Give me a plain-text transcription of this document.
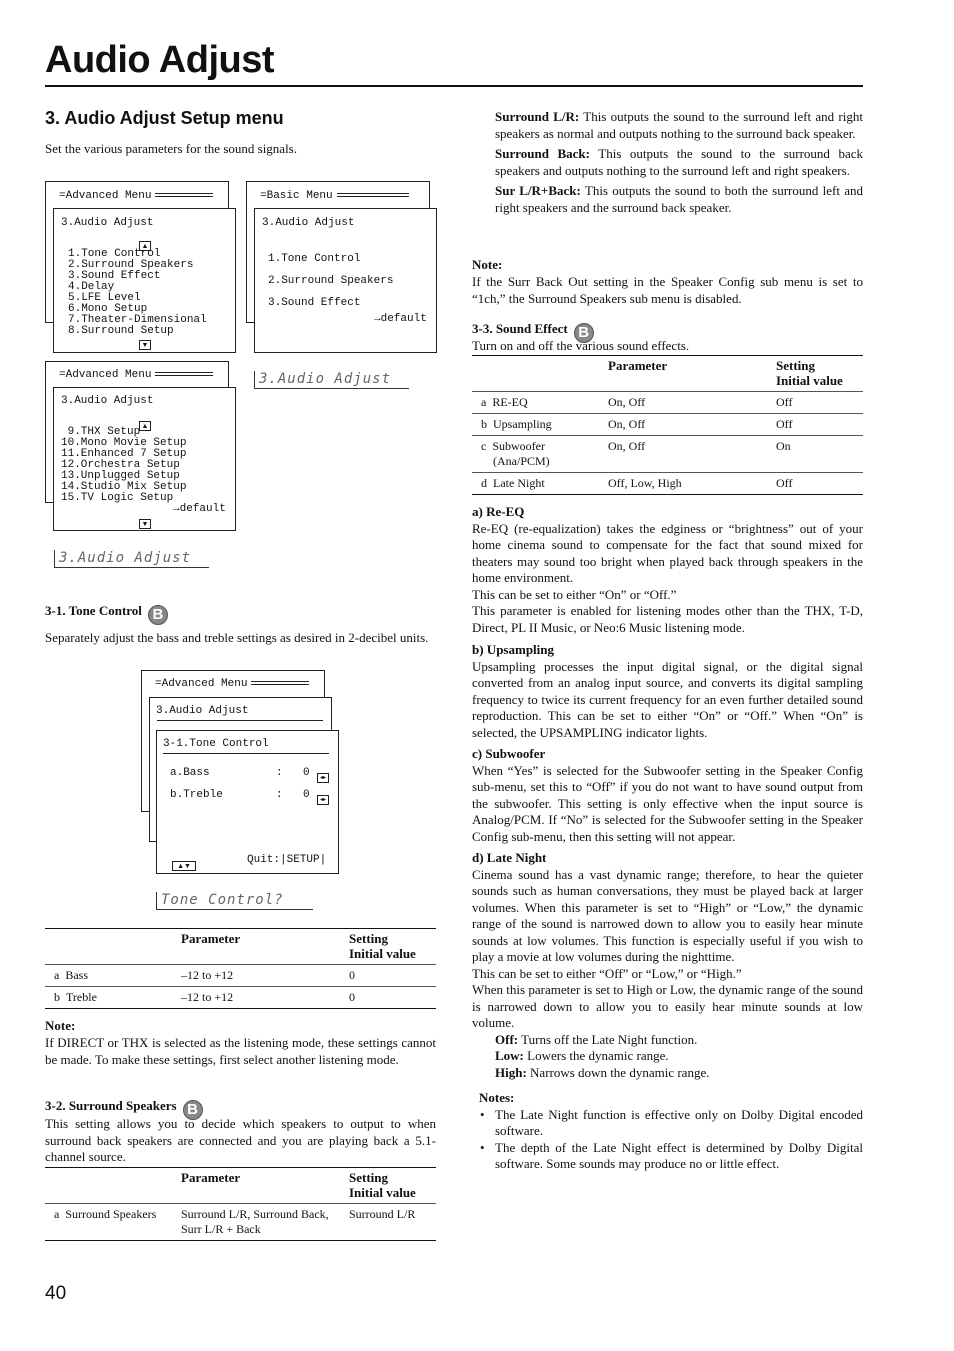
Audio Adjust
3. Audio Adjust Setup menu

Set the various parameters for the sound signals.

=Advanced Menu
3.Audio Adjust
▲
1.Tone Control
2.Surround Speakers
3.Sound Effect
4.Delay
5.LFE Level
6.Mono Setup
7.Theater-Dimensional
8.Surround Setup
▼
=Basic Menu
3.Audio Adjust
1.Tone Control
2.Surround Speakers
3.Sound Effect
→default
=Advanced Menu
3.Audio Adjust
▲
9.THX Setup
10.Mono Movie Setup
11.Enhanced 7 Setup
12.Orchestra Setup
13.Unplugged Setup
14.Studio Mix Setup
15.TV Logic Setup
→default
▼
3.Audio Adjust
3.Audio Adjust
3-1. Tone Control B

Separately adjust the bass and treble settings as desired in 2-decibel units.

=Advanced Menu
3.Audio Adjust
3-1.Tone Control
a.Bass	: 0	◂▸
b.Treble	: 0	◂▸
▲▼	Quit:|SETUP|
Tone Control?
	Parameter	Setting
Initial value
a Bass	–12 to +12	0
b Treble	–12 to +12	0

Note:

If DIRECT or THX is selected as the listening mode, these settings cannot be made. To make these settings, first select another listening mode.

3-2. Surround Speakers B

This setting allows you to decide which speakers to output to when surround back speakers are connected and you are playing back a 5.1-channel source.

	Parameter	Setting
Initial value
a Surround Speakers	Surround L/R, Surround Back,
Surr L/R + Back	Surround L/R
40

Surround L/R: This outputs the sound to the surround left and right speakers as normal and outputs nothing to the surround back speaker.

Surround Back: This outputs the sound to the surround back speakers and outputs nothing to the surround left and right speakers.

Sur L/R+Back: This outputs the sound to both the surround left and right speakers and the surround back speaker.

Note:

If the Surr Back Out setting in the Speaker Config sub menu is set to “1ch,” the Surround Speakers sub menu is disabled.

3-3. Sound Effect B

Turn on and off the various sound effects.

	Parameter	Setting
Initial value
a RE-EQ	On, Off	Off
b Upsampling	On, Off	Off
c Subwoofer
(Ana/PCM)	On, Off	On
d Late Night	Off, Low, High	Off

a) Re-EQ

Re-EQ (re-equalization) takes the edginess or “brightness” out of your home cinema sound to compensate for the fact that sound mixed for theaters may sound too bright when played back through speakers in the home environment.

This can be set to either “On” or “Off.”

This parameter is enabled for listening modes other than the THX, T-D, Direct, PL II Music, or Neo:6 Music listening mode.

b) Upsampling

Upsampling processes the input digital signal, or the digital signal converted from an analog input source, and converts its digital sampling frequency to twice its current frequency for an even further detailed sound reproduction. This can be set to either “On” or “Off.” When “On” is selected, the UPSAMPLING indicator lights.

c) Subwoofer

When “Yes” is selected for the Subwoofer setting in the Speaker Config sub-menu, set this to “Off” if you do not want to have sound output from the subwoofer. This setting is only effective when the input source is Analog/PCM. If “No” is selected for the Subwoofer setting in the Speaker Config sub-menu, then this setting will not appear.

d) Late Night

Cinema sound has a vast dynamic range; therefore, to hear the quieter sounds such as human conversations, they must be played back at larger volumes. When this parameter is set to “High” or “Low,” the dynamic range of the sound is narrowed down to allow you to easily hear minute sounds at low volumes. This function is especially useful if you wish to play a movie at low volumes during the nighttime.

This can be set to either “Off” or “Low,” or “High.”

When this parameter is set to High or Low, the dynamic range of the sound is narrowed down to allow you to easily hear minute sounds at low volume.

Off: Turns off the Late Night function.

Low: Lowers the dynamic range.

High: Narrows down the dynamic range.

Notes:

• The Late Night function is effective only on Dolby Digital encoded software.
• The depth of the Late Night effect is determined by Dolby Digital software. Some sounds may produce no or little effect.
